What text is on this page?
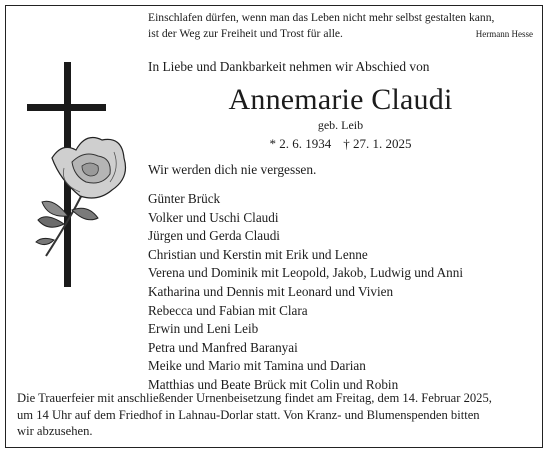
Einschlafen dürfen, wenn man das Leben nicht mehr selbst gestalten kann,
ist der Weg zur Freiheit und Trost für alle.	Hermann Hesse
In Liebe und Dankbarkeit nehmen wir Abschied von
Annemarie Claudi
geb. Leib
* 2. 6. 1934 † 27. 1. 2025
Wir werden dich nie vergessen.
Günter Brück
Volker und Uschi Claudi
Jürgen und Gerda Claudi
Christian und Kerstin mit Erik und Lenne
Verena und Dominik mit Leopold, Jakob, Ludwig und Anni
Katharina und Dennis mit Leonard und Vivien
Rebecca und Fabian mit Clara
Erwin und Leni Leib
Petra und Manfred Baranyai
Meike und Mario mit Tamina und Darian
Matthias und Beate Brück mit Colin und Robin
Die Trauerfeier mit anschließender Urnenbeisetzung findet am Freitag, dem 14. Februar 2025,
um 14 Uhr auf dem Friedhof in Lahnau-Dorlar statt. Von Kranz- und Blumenspenden bitten
wir abzusehen.
